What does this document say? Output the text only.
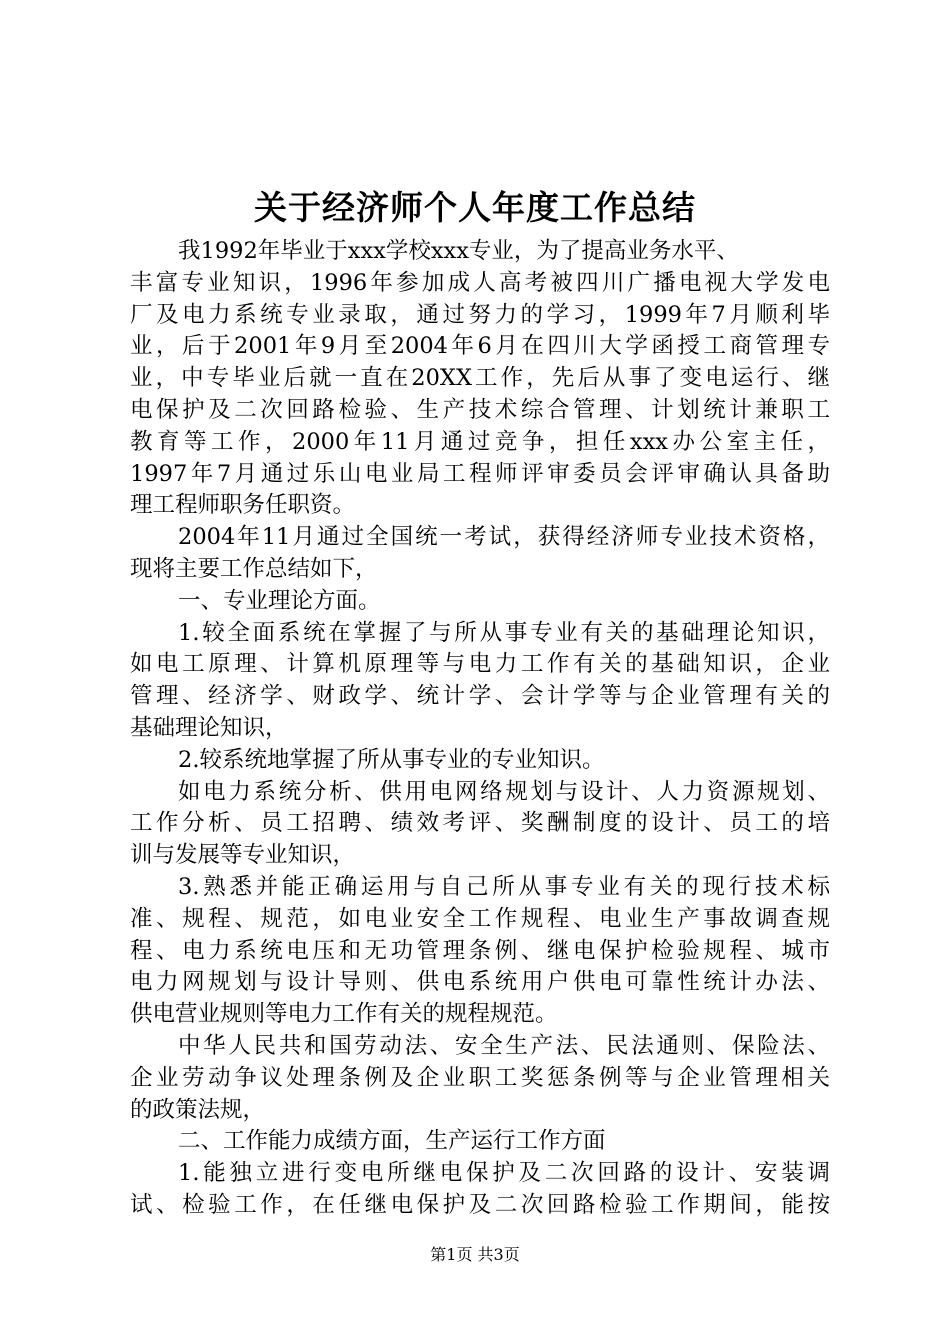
关于经济师个人年度工作总结
我1992年毕业于xxx学校xxx专业，为了提高业务水平、
丰富专业知识，1996年参加成人高考被四川广播电视大学发电
厂及电力系统专业录取，通过努力的学习，1999年7月顺利毕
业，后于2001年9月至2004年6月在四川大学函授工商管理专
业，中专毕业后就一直在20XX工作，先后从事了变电运行、继
电保护及二次回路检验、生产技术综合管理、计划统计兼职工
教育等工作，2000年11月通过竞争，担任xxx办公室主任，
1997年7月通过乐山电业局工程师评审委员会评审确认具备助
理工程师职务任职资。
2004年11月通过全国统一考试，获得经济师专业技术资格，
现将主要工作总结如下，
一、专业理论方面。
1.较全面系统在掌握了与所从事专业有关的基础理论知识，
如电工原理、计算机原理等与电力工作有关的基础知识，企业
管理、经济学、财政学、统计学、会计学等与企业管理有关的
基础理论知识，
2.较系统地掌握了所从事专业的专业知识。
如电力系统分析、供用电网络规划与设计、人力资源规划、
工作分析、员工招聘、绩效考评、奖酬制度的设计、员工的培
训与发展等专业知识，
3.熟悉并能正确运用与自己所从事专业有关的现行技术标
准、规程、规范，如电业安全工作规程、电业生产事故调查规
程、电力系统电压和无功管理条例、继电保护检验规程、城市
电力网规划与设计导则、供电系统用户供电可靠性统计办法、
供电营业规则等电力工作有关的规程规范。
中华人民共和国劳动法、安全生产法、民法通则、保险法、
企业劳动争议处理条例及企业职工奖惩条例等与企业管理相关
的政策法规，
二、工作能力成绩方面，生产运行工作方面
1.能独立进行变电所继电保护及二次回路的设计、安装调
试、检验工作，在任继电保护及二次回路检验工作期间，能按
第1页 共3页
